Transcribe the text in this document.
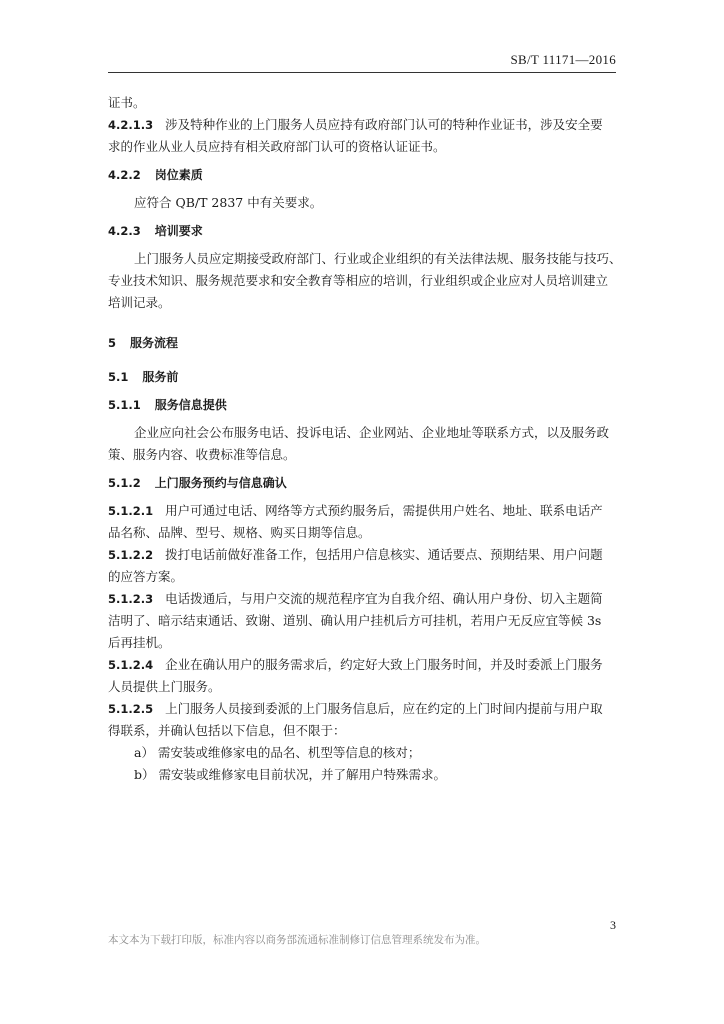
SB/T 11171—2016
证书。
4.2.1.3 涉及特种作业的上门服务人员应持有政府部门认可的特种作业证书，涉及安全要
求的作业从业人员应持有相关政府部门认可的资格认证证书。
4.2.2 岗位素质
应符合 QB/T 2837 中有关要求。
4.2.3 培训要求
上门服务人员应定期接受政府部门、行业或企业组织的有关法律法规、服务技能与技巧、
专业技术知识、服务规范要求和安全教育等相应的培训，行业组织或企业应对人员培训建立
培训记录。
5 服务流程
5.1 服务前
5.1.1 服务信息提供
企业应向社会公布服务电话、投诉电话、企业网站、企业地址等联系方式，以及服务政
策、服务内容、收费标准等信息。
5.1.2 上门服务预约与信息确认
5.1.2.1 用户可通过电话、网络等方式预约服务后，需提供用户姓名、地址、联系电话产
品名称、品牌、型号、规格、购买日期等信息。
5.1.2.2 拨打电话前做好准备工作，包括用户信息核实、通话要点、预期结果、用户问题
的应答方案。
5.1.2.3 电话拨通后，与用户交流的规范程序宜为自我介绍、确认用户身份、切入主题简
洁明了、暗示结束通话、致谢、道别、确认用户挂机后方可挂机，若用户无反应宜等候 3s
后再挂机。
5.1.2.4 企业在确认用户的服务需求后，约定好大致上门服务时间，并及时委派上门服务
人员提供上门服务。
5.1.2.5 上门服务人员接到委派的上门服务信息后，应在约定的上门时间内提前与用户取
得联系，并确认包括以下信息，但不限于：
a） 需安装或维修家电的品名、机型等信息的核对；
b） 需安装或维修家电目前状况，并了解用户特殊需求。
3
本文本为下载打印版，标准内容以商务部流通标准制修订信息管理系统发布为准。
